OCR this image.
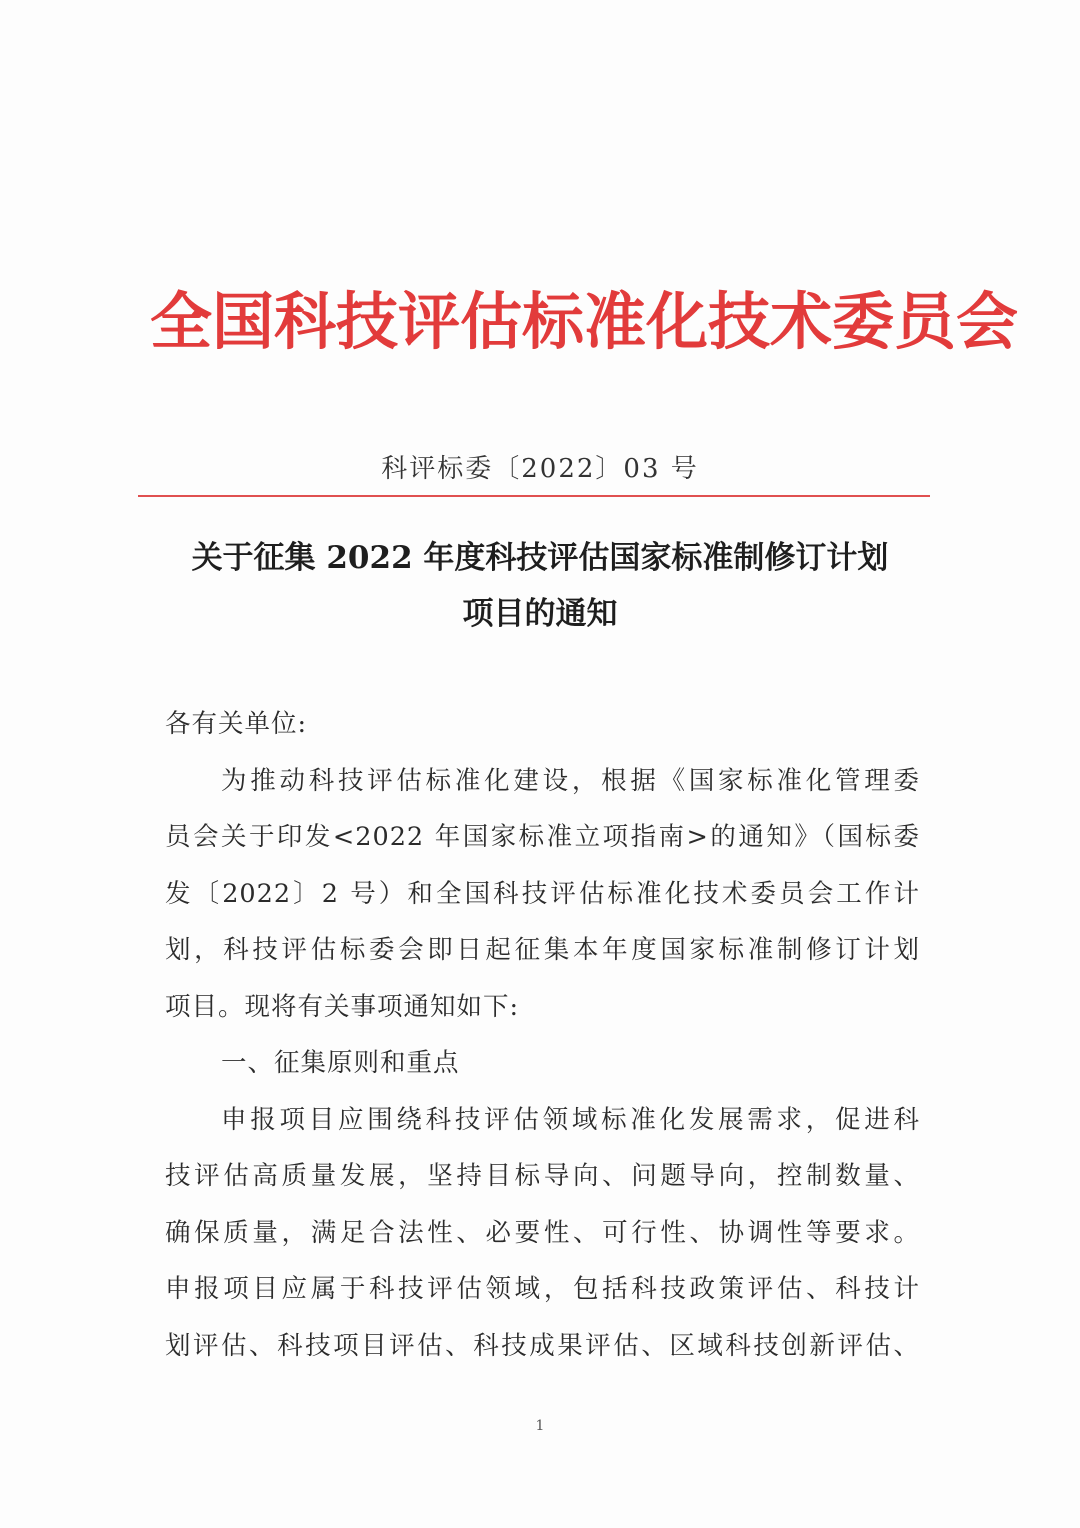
全国科技评估标准化技术委员会
科评标委〔2022〕03 号
关于征集 2022 年度科技评估国家标准制修订计划
项目的通知
各有关单位:
为推动科技评估标准化建设，根据《国家标准化管理委
员会关于印发<2022 年国家标准立项指南>的通知》（国标委
发〔2022〕2 号）和全国科技评估标准化技术委员会工作计
划，科技评估标委会即日起征集本年度国家标准制修订计划
项目。现将有关事项通知如下:
一、征集原则和重点
申报项目应围绕科技评估领域标准化发展需求，促进科
技评估高质量发展，坚持目标导向、问题导向，控制数量、
确保质量，满足合法性、必要性、可行性、协调性等要求。
申报项目应属于科技评估领域，包括科技政策评估、科技计
划评估、科技项目评估、科技成果评估、区域科技创新评估、
1
